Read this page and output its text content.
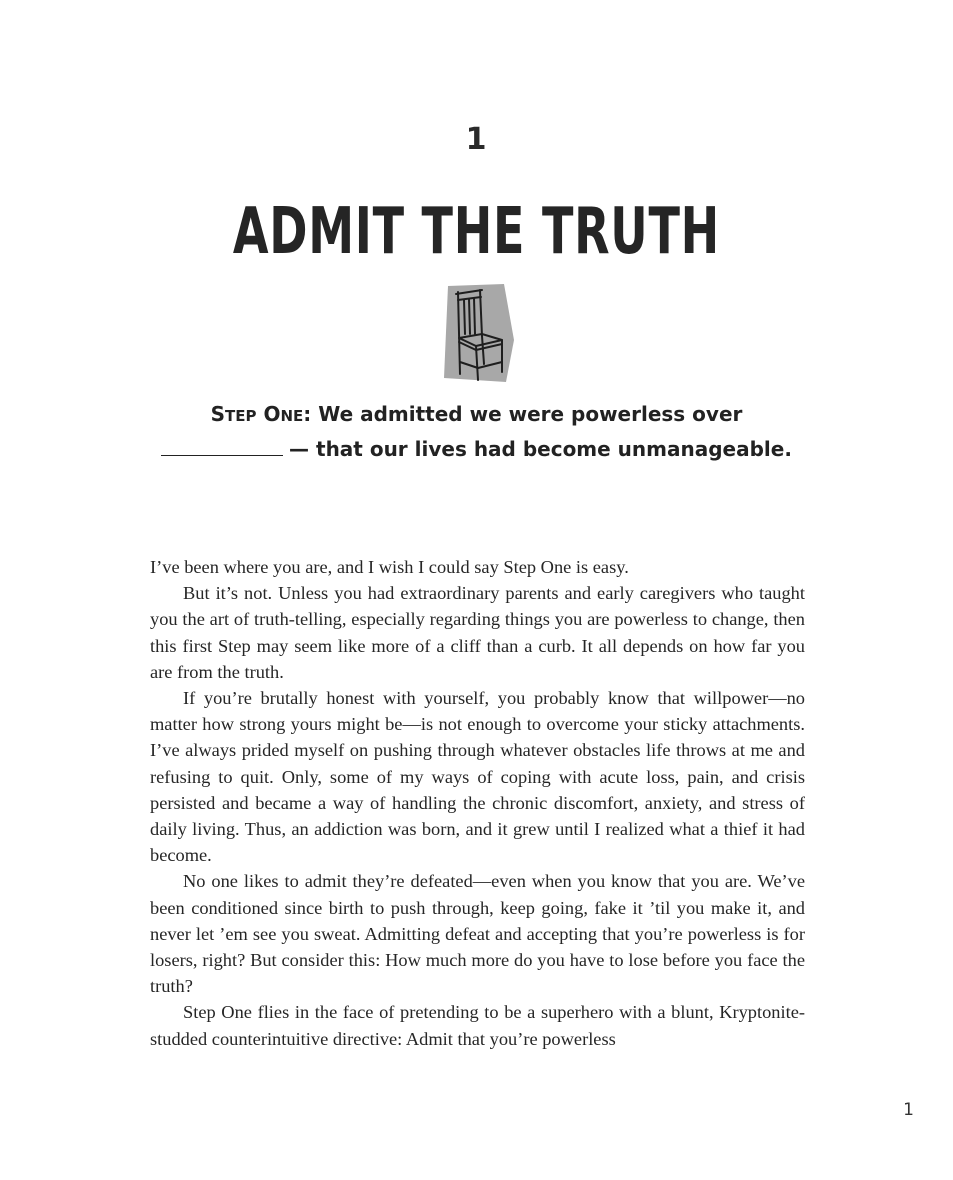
1
ADMIT THE TRUTH
STEP ONE: We admitted we were powerless over
— that our lives had become unmanageable.

I’ve been where you are, and I wish I could say Step One is easy.

But it’s not. Unless you had extraordinary parents and early caregivers who taught you the art of truth-telling, especially regarding things you are powerless to change, then this first Step may seem like more of a cliff than a curb. It all depends on how far you are from the truth.

If you’re brutally honest with yourself, you probably know that willpower—no matter how strong yours might be—is not enough to overcome your sticky attachments. I’ve always prided myself on pushing through whatever obstacles life throws at me and refusing to quit. Only, some of my ways of coping with acute loss, pain, and crisis persisted and became a way of handling the chronic discomfort, anxiety, and stress of daily living. Thus, an addiction was born, and it grew until I realized what a thief it had become.

No one likes to admit they’re defeated—even when you know that you are. We’ve been conditioned since birth to push through, keep going, fake it ’til you make it, and never let ’em see you sweat. Admitting defeat and accepting that you’re powerless is for losers, right? But consider this: How much more do you have to lose before you face the truth?

Step One flies in the face of pretending to be a superhero with a blunt, Kryptonite-studded counterintuitive directive: Admit that you’re powerless

1
